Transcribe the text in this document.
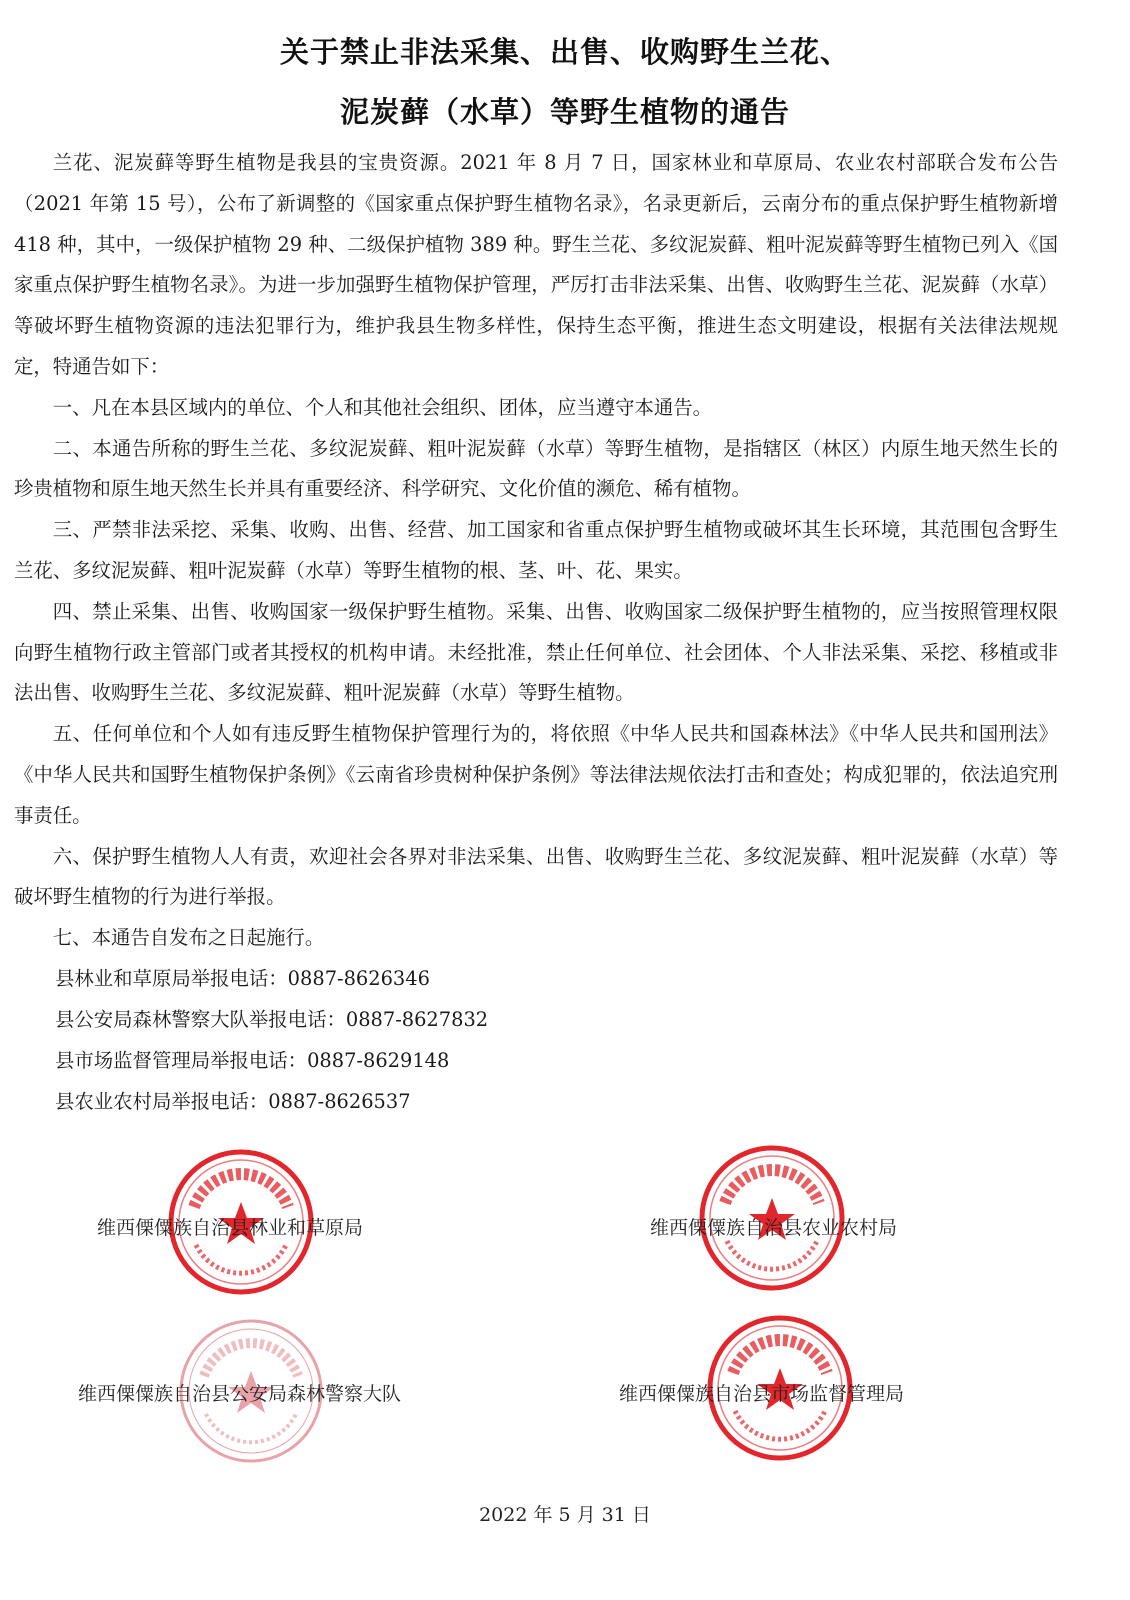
关于禁止非法采集、出售、收购野生兰花、
泥炭藓（水草）等野生植物的通告

兰花、泥炭藓等野生植物是我县的宝贵资源。2021 年 8 月 7 日，国家林业和草原局、农业农村部联合发布公告（2021 年第 15 号），公布了新调整的《国家重点保护野生植物名录》，名录更新后，云南分布的重点保护野生植物新增 418 种，其中，一级保护植物 29 种、二级保护植物 389 种。野生兰花、多纹泥炭藓、粗叶泥炭藓等野生植物已列入《国家重点保护野生植物名录》。为进一步加强野生植物保护管理，严厉打击非法采集、出售、收购野生兰花、泥炭藓（水草）等破坏野生植物资源的违法犯罪行为，维护我县生物多样性，保持生态平衡，推进生态文明建设，根据有关法律法规规定，特通告如下：

一、凡在本县区域内的单位、个人和其他社会组织、团体，应当遵守本通告。

二、本通告所称的野生兰花、多纹泥炭藓、粗叶泥炭藓（水草）等野生植物，是指辖区（林区）内原生地天然生长的珍贵植物和原生地天然生长并具有重要经济、科学研究、文化价值的濒危、稀有植物。

三、严禁非法采挖、采集、收购、出售、经营、加工国家和省重点保护野生植物或破坏其生长环境，其范围包含野生兰花、多纹泥炭藓、粗叶泥炭藓（水草）等野生植物的根、茎、叶、花、果实。

四、禁止采集、出售、收购国家一级保护野生植物。采集、出售、收购国家二级保护野生植物的，应当按照管理权限向野生植物行政主管部门或者其授权的机构申请。未经批准，禁止任何单位、社会团体、个人非法采集、采挖、移植或非法出售、收购野生兰花、多纹泥炭藓、粗叶泥炭藓（水草）等野生植物。

五、任何单位和个人如有违反野生植物保护管理行为的，将依照《中华人民共和国森林法》《中华人民共和国刑法》《中华人民共和国野生植物保护条例》《云南省珍贵树种保护条例》等法律法规依法打击和查处；构成犯罪的，依法追究刑事责任。

六、保护野生植物人人有责，欢迎社会各界对非法采集、出售、收购野生兰花、多纹泥炭藓、粗叶泥炭藓（水草）等破坏野生植物的行为进行举报。

七、本通告自发布之日起施行。

县林业和草原局举报电话：0887-8626346
县公安局森林警察大队举报电话：0887-8627832
县市场监督管理局举报电话：0887-8629148
县农业农村局举报电话：0887-8626537
维西傈僳族自治县林业和草原局	维西傈僳族自治县农业农村局
维西傈僳族自治县公安局森林警察大队	维西傈僳族自治县市场监督管理局
2022 年 5 月 31 日
